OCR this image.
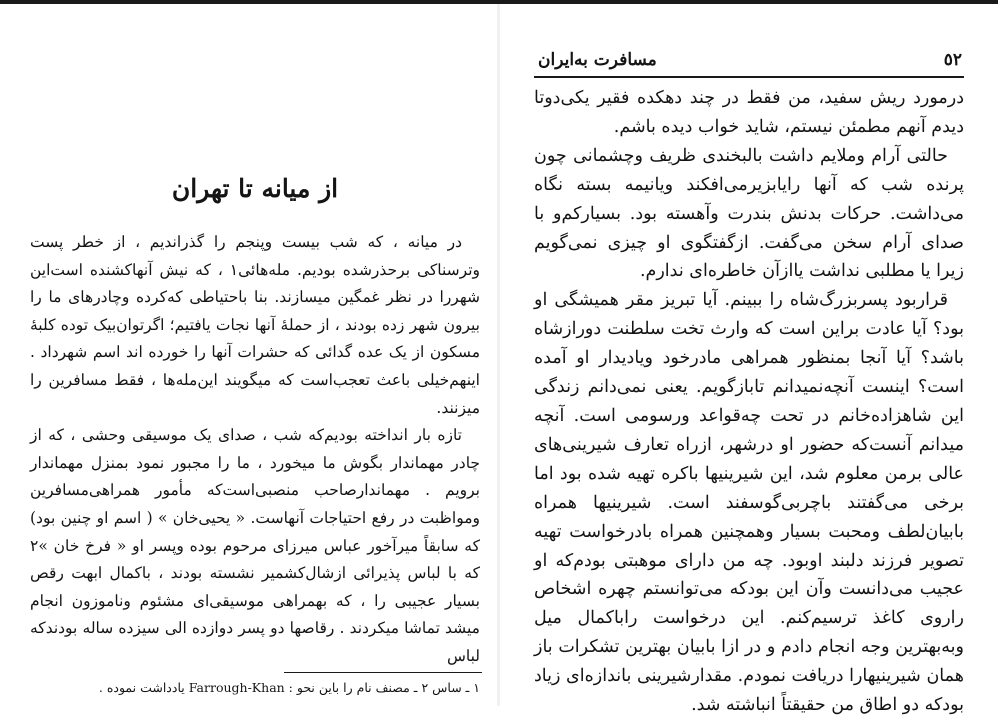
مسافرت به‌ایران	٥٢

درمورد ریش سفید، من فقط در چند دهکده فقیر یکی‌دوتا دیدم آنهم مطمئن نیستم، شاید خواب دیده باشم.

حالتی آرام وملایم داشت بالبخندی ظریف وچشمانی چون پرنده شب که آنها رایابزیرمی‌افکند ویانیمه بسته نگاه می‌داشت. حرکات بدنش بندرت وآهسته بود. بسیارکم‌و با صدای آرام سخن می‌گفت. ازگفتگوی او چیزی نمی‌گویم زیرا یا مطلبی نداشت یاازآن خاطره‌ای ندارم.

قرار‌بود پسربزرگ‌شاه را ببینم. آیا تبریز مقر همیشگی او بود؟ آیا عادت براین است که وارث تخت سلطنت دورازشاه باشد؟ آیا آنجا بمنظور همراهی مادرخود ویادیدار او آمده است؟ اینست آنچه‌نمیدانم تاباز‌گویم. یعنی نمی‌دانم زندگی این شاهزاده‌خانم در تحت چه‌قواعد و‌رسومی است. آنچه میدانم آنست‌که حضور او درشهر، ازراه تعارف شیرینی‌های عالی برمن معلوم شد، این شیرینیها باکره تهیه شده بود اما برخی می‌گفتند باچربی‌گوسفند است. شیرینیها همراه بابیان‌لطف ومحبت بسیار وهمچنین همراه بادرخواست تهیه تصویر فرزند دلبند اوبود. چه من دارای موهبتی بودم‌که او عجیب می‌دانست وآن این بود‌که می‌توانستم چهره اشخاص راروی کاغذ ترسیم‌کنم. این درخواست رابا‌کمال میل وبه‌بهترین وجه انجام دادم و در ازا بابیان بهترین تشکرات باز همان شیرینیهارا دریافت نمودم. مقدارشیرینی باندازه‌ای زیاد بود‌که دو اطاق من حقیقتاً انباشته شد.

از میانه تا تهران

در میانه ، که شب بیست وپنجم را گذراندیم ، از خطر پست وترسناکی برحذرشده بودیم. مله‌هائی۱ ، که نیش آنهاکشنده است‌این شهررا در نظر غمگین میسازند. بنا باحتیاطی که‌کرده وچادرهای ما را بیرون شهر زده بودند ، از حملهٔ آنها نجات یافتیم؛ اگرتوان‌بیک توده کلبهٔ مسکون از یک عده گدائی که حشرات آنها را خورده اند اسم شهرداد . اینهم‌خیلی باعث تعجب‌است که میگویند این‌مله‌ها ، فقط مسافرین را میزنند.

تازه بار انداخته بودیم‌که شب ، صدای یک موسیقی وحشی ، که از چادر مهماندار بگوش ما میخورد ، ما را مجبور نمود بمنزل مهماندار برویم . مهماندارصاحب منصبی‌است‌که مأمور همراهی‌مسافرین ومواظبت در رفع احتیاجات آنهاست. « یحیی‌خان » ( اسم او چنین بود) که سابقاً میرآخور عباس میرزای مرحوم بوده وپسر او « فرخ خان »۲ که با لباس پذیرائی ازشال‌کشمیر نشسته بودند ، باکمال ابهت رقص بسیار عجیبی را ، که بهمراهی موسیقی‌ای مشئوم وناموزون انجام میشد تماشا میکردند . رقاصها دو پسر دوازده الی سیزده ساله بودندکه لباس

۱ ـ ساس ۲ ـ مصنف نام را باین نحو : Farrough-Khan یادداشت نموده .
